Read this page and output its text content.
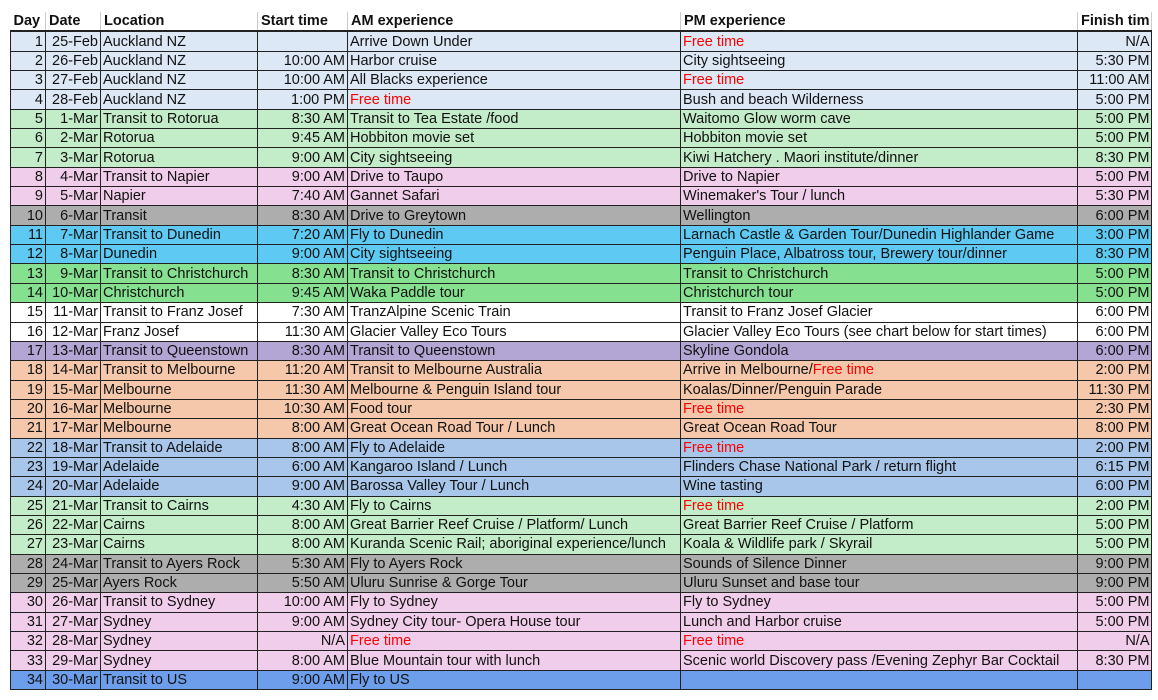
Day	Date	Location	Start time	AM experience	PM experience	Finish tim
1	25-Feb	Auckland NZ		Arrive Down Under	Free time	N/A
2	26-Feb	Auckland NZ	10:00 AM	Harbor cruise	City sightseeing	5:30 PM
3	27-Feb	Auckland NZ	10:00 AM	All Blacks experience	Free time	11:00 AM
4	28-Feb	Auckland NZ	1:00 PM	Free time	Bush and beach Wilderness	5:00 PM
5	1-Mar	Transit to Rotorua	8:30 AM	Transit to Tea Estate /food	Waitomo Glow worm cave	5:00 PM
6	2-Mar	Rotorua	9:45 AM	Hobbiton movie set	Hobbiton movie set	5:00 PM
7	3-Mar	Rotorua	9:00 AM	City sightseeing	Kiwi Hatchery . Maori institute/dinner	8:30 PM
8	4-Mar	Transit to Napier	9:00 AM	Drive to Taupo	Drive to Napier	5:00 PM
9	5-Mar	Napier	7:40 AM	Gannet Safari	Winemaker's Tour / lunch	5:30 PM
10	6-Mar	Transit	8:30 AM	Drive to Greytown	Wellington	6:00 PM
11	7-Mar	Transit to Dunedin	7:20 AM	Fly to Dunedin	Larnach Castle & Garden Tour/Dunedin Highlander Game	3:00 PM
12	8-Mar	Dunedin	9:00 AM	City sightseeing	Penguin Place, Albatross tour, Brewery tour/dinner	8:30 PM
13	9-Mar	Transit to Christchurch	8:30 AM	Transit to Christchurch	Transit to Christchurch	5:00 PM
14	10-Mar	Christchurch	9:45 AM	Waka Paddle tour	Christchurch tour	5:00 PM
15	11-Mar	Transit to Franz Josef	7:30 AM	TranzAlpine Scenic Train	Transit to Franz Josef Glacier	6:00 PM
16	12-Mar	Franz Josef	11:30 AM	Glacier Valley Eco Tours	Glacier Valley Eco Tours (see chart below for start times)	6:00 PM
17	13-Mar	Transit to Queenstown	8:30 AM	Transit to Queenstown	Skyline Gondola	6:00 PM
18	14-Mar	Transit to Melbourne	11:20 AM	Transit to Melbourne Australia	Arrive in Melbourne/Free time	2:00 PM
19	15-Mar	Melbourne	11:30 AM	Melbourne & Penguin Island tour	Koalas/Dinner/Penguin Parade	11:30 PM
20	16-Mar	Melbourne	10:30 AM	Food tour	Free time	2:30 PM
21	17-Mar	Melbourne	8:00 AM	Great Ocean Road Tour / Lunch	Great Ocean Road Tour	8:00 PM
22	18-Mar	Transit to Adelaide	8:00 AM	Fly to Adelaide	Free time	2:00 PM
23	19-Mar	Adelaide	6:00 AM	Kangaroo Island / Lunch	Flinders Chase National Park / return flight	6:15 PM
24	20-Mar	Adelaide	9:00 AM	Barossa Valley Tour / Lunch	Wine tasting	6:00 PM
25	21-Mar	Transit to Cairns	4:30 AM	Fly to Cairns	Free time	2:00 PM
26	22-Mar	Cairns	8:00 AM	Great Barrier Reef Cruise / Platform/ Lunch	Great Barrier Reef Cruise / Platform	5:00 PM
27	23-Mar	Cairns	8:00 AM	Kuranda Scenic Rail; aboriginal experience/lunch	Koala & Wildlife park / Skyrail	5:00 PM
28	24-Mar	Transit to Ayers Rock	5:30 AM	Fly to Ayers Rock	Sounds of Silence Dinner	9:00 PM
29	25-Mar	Ayers Rock	5:50 AM	Uluru Sunrise & Gorge Tour	Uluru Sunset and base tour	9:00 PM
30	26-Mar	Transit to Sydney	10:00 AM	Fly to Sydney	Fly to Sydney	5:00 PM
31	27-Mar	Sydney	9:00 AM	Sydney City tour- Opera House tour	Lunch and Harbor cruise	5:00 PM
32	28-Mar	Sydney	N/A	Free time	Free time	N/A
33	29-Mar	Sydney	8:00 AM	Blue Mountain tour with lunch	Scenic world Discovery pass /Evening Zephyr Bar Cocktail	8:30 PM
34	30-Mar	Transit to US	9:00 AM	Fly to US		
